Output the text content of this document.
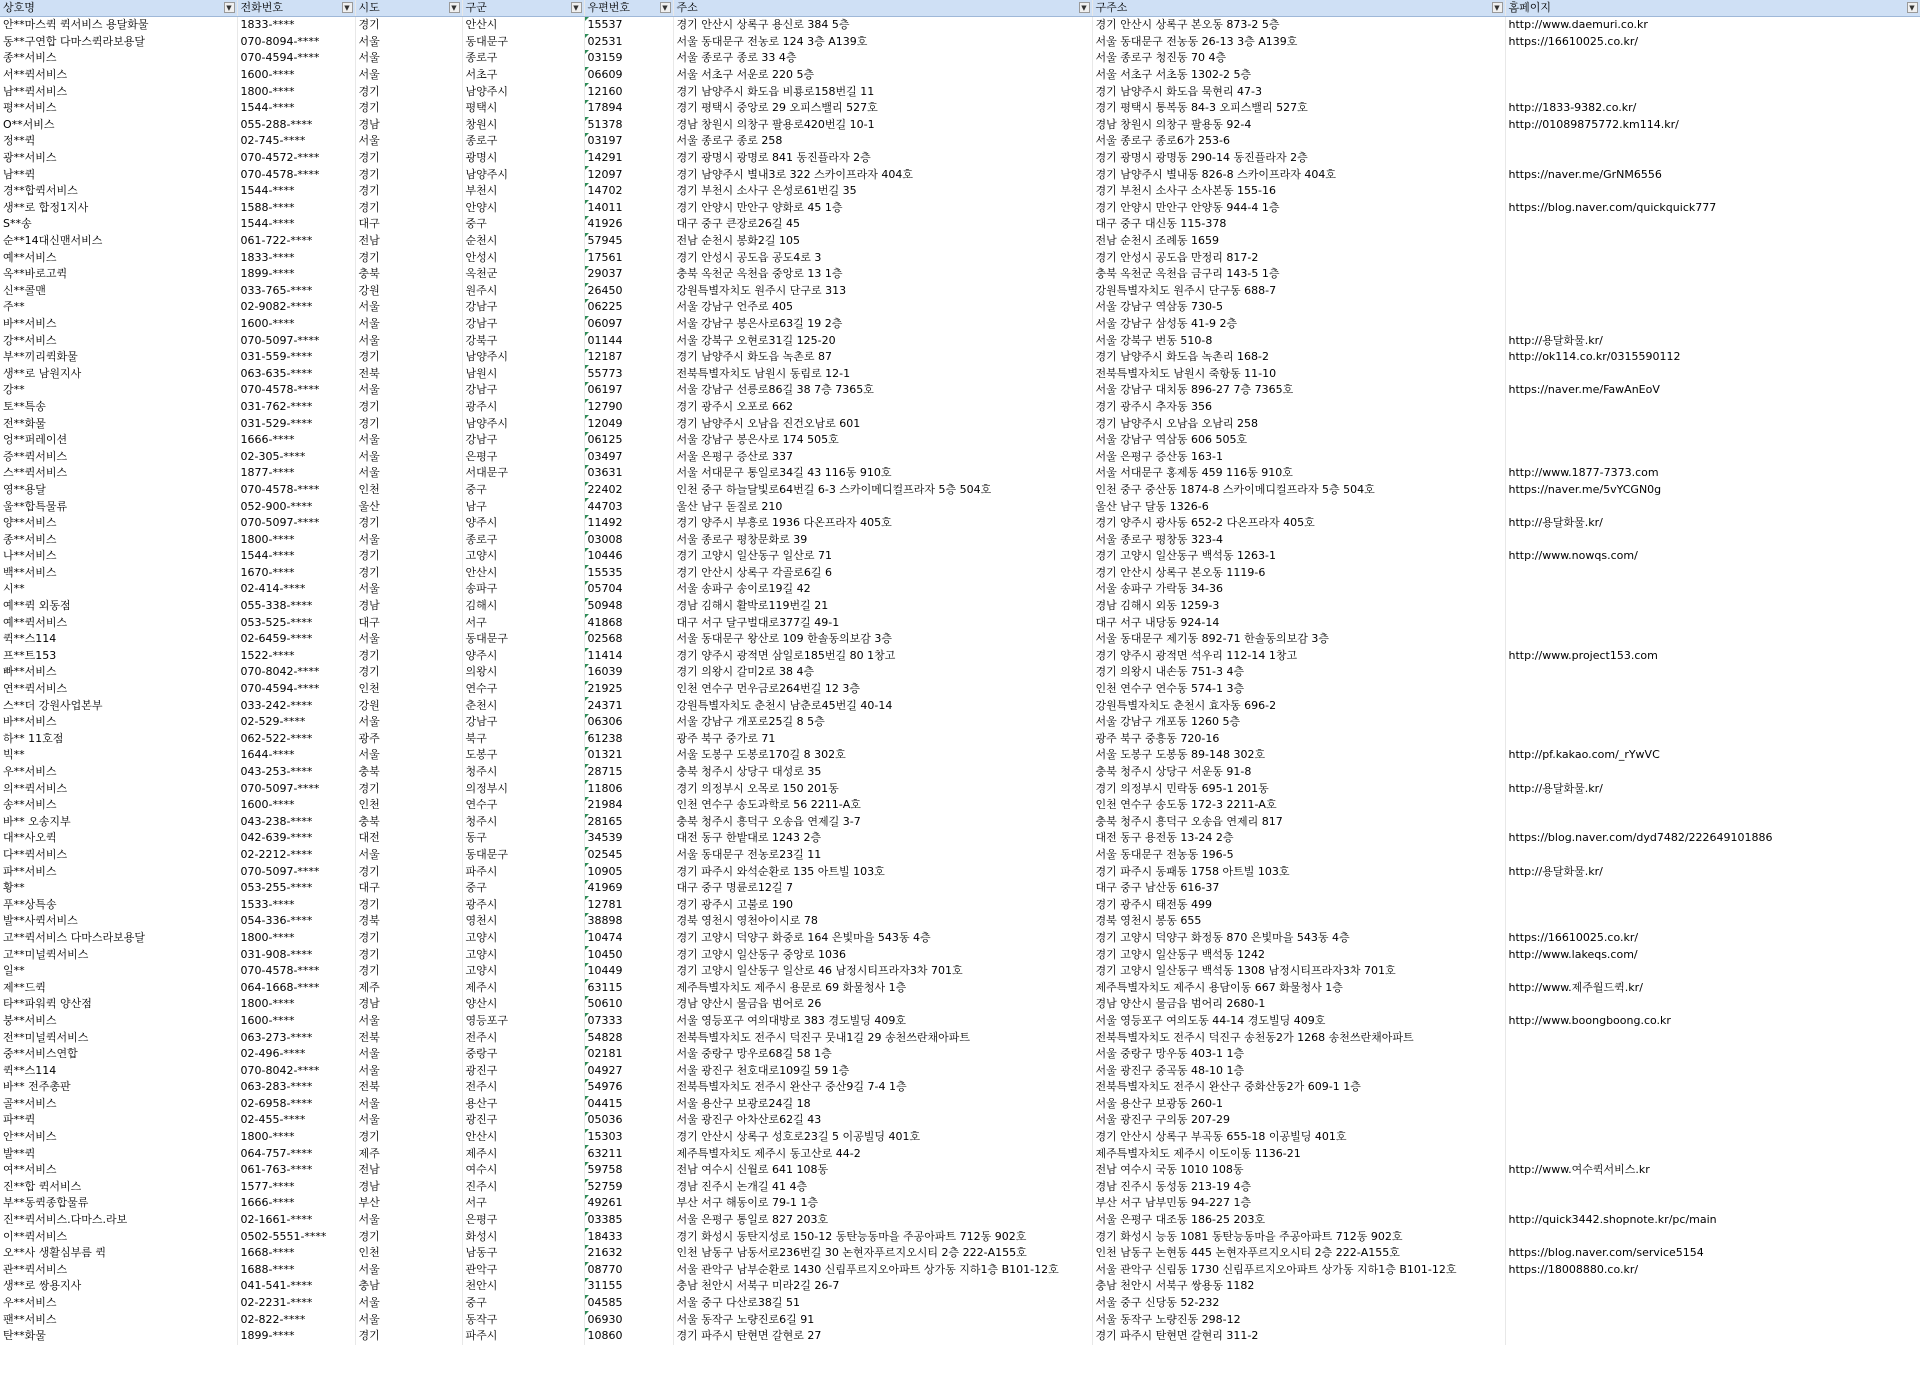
상호명 ▼	전화번호 ▼	시도 ▼	구군 ▼	우편번호 ▼	주소 ▼	구주소 ▼	홈페이지 ▼

안**마스퀵 퀵서비스 용달화물	1833-****	경기	안산시	15537	경기 안산시 상록구 용신로 384 5층	경기 안산시 상록구 본오동 873-2 5층	http://www.daemuri.co.kr
동**구연합 다마스퀵라보용달	070-8094-****	서울	동대문구	02531	서울 동대문구 전농로 124 3층 A139호	서울 동대문구 전농동 26-13 3층 A139호	https://16610025.co.kr/
종**서비스	070-4594-****	서울	종로구	03159	서울 종로구 종로 33 4층	서울 종로구 청진동 70 4층	
서**퀵서비스	1600-****	서울	서초구	06609	서울 서초구 서운로 220 5층	서울 서초구 서초동 1302-2 5층	
남**퀵서비스	1800-****	경기	남양주시	12160	경기 남양주시 화도읍 비룡로158번길 11	경기 남양주시 화도읍 묵현리 47-3	
평**서비스	1544-****	경기	평택시	17894	경기 평택시 중앙로 29 오피스밸리 527호	경기 평택시 통복동 84-3 오피스밸리 527호	http://1833-9382.co.kr/
O**서비스	055-288-****	경남	창원시	51378	경남 창원시 의창구 팔용로420번길 10-1	경남 창원시 의창구 팔용동 92-4	http://01089875772.km114.kr/
정**퀵	02-745-****	서울	종로구	03197	서울 종로구 종로 258	서울 종로구 종로6가 253-6	
광**서비스	070-4572-****	경기	광명시	14291	경기 광명시 광명로 841 동진플라자 2층	경기 광명시 광명동 290-14 동진플라자 2층	
남**퀵	070-4578-****	경기	남양주시	12097	경기 남양주시 별내3로 322 스카이프라자 404호	경기 남양주시 별내동 826-8 스카이프라자 404호	https://naver.me/GrNM6556
경**합퀵서비스	1544-****	경기	부천시	14702	경기 부천시 소사구 은성로61번길 35	경기 부천시 소사구 소사본동 155-16	
생**로 합정1지사	1588-****	경기	안양시	14011	경기 안양시 만안구 양화로 45 1층	경기 안양시 만안구 안양동 944-4 1층	https://blog.naver.com/quickquick777
S**송	1544-****	대구	중구	41926	대구 중구 큰장로26길 45	대구 중구 대신동 115-378	
순**14대신맨서비스	061-722-****	전남	순천시	57945	전남 순천시 봉화2길 105	전남 순천시 조례동 1659	
예**서비스	1833-****	경기	안성시	17561	경기 안성시 공도읍 공도4로 3	경기 안성시 공도읍 만정리 817-2	
옥**바로고퀵	1899-****	충북	옥천군	29037	충북 옥천군 옥천읍 중앙로 13 1층	충북 옥천군 옥천읍 금구리 143-5 1층	
신**콜맨	033-765-****	강원	원주시	26450	강원특별자치도 원주시 단구로 313	강원특별자치도 원주시 단구동 688-7	
주**	02-9082-****	서울	강남구	06225	서울 강남구 언주로 405	서울 강남구 역삼동 730-5	
바**서비스	1600-****	서울	강남구	06097	서울 강남구 봉은사로63길 19 2층	서울 강남구 삼성동 41-9 2층	
강**서비스	070-5097-****	서울	강북구	01144	서울 강북구 오현로31길 125-20	서울 강북구 번동 510-8	http://용달화물.kr/
부**끼리퀵화물	031-559-****	경기	남양주시	12187	경기 남양주시 화도읍 녹촌로 87	경기 남양주시 화도읍 녹촌리 168-2	http://ok114.co.kr/0315590112
생**로 남원지사	063-635-****	전북	남원시	55773	전북특별자치도 남원시 동림로 12-1	전북특별자치도 남원시 죽항동 11-10	
강**	070-4578-****	서울	강남구	06197	서울 강남구 선릉로86길 38 7층 7365호	서울 강남구 대치동 896-27 7층 7365호	https://naver.me/FawAnEoV
토**특송	031-762-****	경기	광주시	12790	경기 광주시 오포로 662	경기 광주시 추자동 356	
전**화물	031-529-****	경기	남양주시	12049	경기 남양주시 오남읍 진건오남로 601	경기 남양주시 오남읍 오남리 258	
엉**퍼레이션	1666-****	서울	강남구	06125	서울 강남구 봉은사로 174 505호	서울 강남구 역삼동 606 505호	
증**퀵서비스	02-305-****	서울	은평구	03497	서울 은평구 증산로 337	서울 은평구 증산동 163-1	
스**퀵서비스	1877-****	서울	서대문구	03631	서울 서대문구 통일로34길 43 116동 910호	서울 서대문구 홍제동 459 116동 910호	http://www.1877-7373.com
영**용달	070-4578-****	인천	중구	22402	인천 중구 하늘달빛로64번길 6-3 스카이메디컬프라자 5층 504호	인천 중구 중산동 1874-8 스카이메디컬프라자 5층 504호	https://naver.me/5vYCGN0g
울**합특물류	052-900-****	울산	남구	44703	울산 남구 돋질로 210	울산 남구 달동 1326-6	
양**서비스	070-5097-****	경기	양주시	11492	경기 양주시 부흥로 1936 다온프라자 405호	경기 양주시 광사동 652-2 다온프라자 405호	http://용달화물.kr/
종**서비스	1800-****	서울	종로구	03008	서울 종로구 평창문화로 39	서울 종로구 평창동 323-4	
나**서비스	1544-****	경기	고양시	10446	경기 고양시 일산동구 일산로 71	경기 고양시 일산동구 백석동 1263-1	http://www.nowqs.com/
백**서비스	1670-****	경기	안산시	15535	경기 안산시 상록구 각골로6길 6	경기 안산시 상록구 본오동 1119-6	
시**	02-414-****	서울	송파구	05704	서울 송파구 송이로19길 42	서울 송파구 가락동 34-36	
예**퀵 외동점	055-338-****	경남	김해시	50948	경남 김해시 활박로119번길 21	경남 김해시 외동 1259-3	
예**퀵서비스	053-525-****	대구	서구	41868	대구 서구 달구벌대로377길 49-1	대구 서구 내당동 924-14	
퀵**스114	02-6459-****	서울	동대문구	02568	서울 동대문구 왕산로 109 한솔동의보감 3층	서울 동대문구 제기동 892-71 한솔동의보감 3층	
프**트153	1522-****	경기	양주시	11414	경기 양주시 광적면 삼일로185번길 80 1창고	경기 양주시 광적면 석우리 112-14 1창고	http://www.project153.com
빠**서비스	070-8042-****	경기	의왕시	16039	경기 의왕시 갈미2로 38 4층	경기 의왕시 내손동 751-3 4층	
연**퀵서비스	070-4594-****	인천	연수구	21925	인천 연수구 먼우금로264번길 12 3층	인천 연수구 연수동 574-1 3층	
스**더 강원사업본부	033-242-****	강원	춘천시	24371	강원특별자치도 춘천시 남춘로45번길 40-14	강원특별자치도 춘천시 효자동 696-2	
바**서비스	02-529-****	서울	강남구	06306	서울 강남구 개포로25길 8 5층	서울 강남구 개포동 1260 5층	
하** 11호점	062-522-****	광주	북구	61238	광주 북구 중가로 71	광주 북구 중흥동 720-16	
빅**	1644-****	서울	도봉구	01321	서울 도봉구 도봉로170길 8 302호	서울 도봉구 도봉동 89-148 302호	http://pf.kakao.com/_rYwVC
우**서비스	043-253-****	충북	청주시	28715	충북 청주시 상당구 대성로 35	충북 청주시 상당구 서운동 91-8	
의**퀵서비스	070-5097-****	경기	의정부시	11806	경기 의정부시 오목로 150 201동	경기 의정부시 민락동 695-1 201동	http://용달화물.kr/
송**서비스	1600-****	인천	연수구	21984	인천 연수구 송도과학로 56 2211-A호	인천 연수구 송도동 172-3 2211-A호	
바** 오송지부	043-238-****	충북	청주시	28165	충북 청주시 흥덕구 오송읍 연제길 3-7	충북 청주시 흥덕구 오송읍 연제리 817	
대**사오퀵	042-639-****	대전	동구	34539	대전 동구 한밭대로 1243 2층	대전 동구 용전동 13-24 2층	https://blog.naver.com/dyd7482/222649101886
다**퀵서비스	02-2212-****	서울	동대문구	02545	서울 동대문구 전농로23길 11	서울 동대문구 전농동 196-5	
파**서비스	070-5097-****	경기	파주시	10905	경기 파주시 와석순환로 135 아트빌 103호	경기 파주시 동패동 1758 아트빌 103호	http://용달화물.kr/
황**	053-255-****	대구	중구	41969	대구 중구 명륜로12길 7	대구 중구 남산동 616-37	
푸**상특송	1533-****	경기	광주시	12781	경기 광주시 고불로 190	경기 광주시 태전동 499	
발**사퀵서비스	054-336-****	경북	영천시	38898	경북 영천시 영천아이시로 78	경북 영천시 봉동 655	
고**퀵서비스 다마스라보용달	1800-****	경기	고양시	10474	경기 고양시 덕양구 화중로 164 은빛마을 543동 4층	경기 고양시 덕양구 화정동 870 은빛마을 543동 4층	https://16610025.co.kr/
고**미널퀵서비스	031-908-****	경기	고양시	10450	경기 고양시 일산동구 중앙로 1036	경기 고양시 일산동구 백석동 1242	http://www.lakeqs.com/
일**	070-4578-****	경기	고양시	10449	경기 고양시 일산동구 일산로 46 남정시티프라자3차 701호	경기 고양시 일산동구 백석동 1308 남정시티프라자3차 701호	
제**드퀵	064-1668-****	제주	제주시	63115	제주특별자치도 제주시 용문로 69 화물청사 1층	제주특별자치도 제주시 용담이동 667 화물청사 1층	http://www.제주월드퀵.kr/
타**파워퀵 양산점	1800-****	경남	양산시	50610	경남 양산시 물금읍 범어로 26	경남 양산시 물금읍 범어리 2680-1	
붕**서비스	1600-****	서울	영등포구	07333	서울 영등포구 여의대방로 383 경도빌딩 409호	서울 영등포구 여의도동 44-14 경도빌딩 409호	http://www.boongboong.co.kr
전**미널퀵서비스	063-273-****	전북	전주시	54828	전북특별자치도 전주시 덕진구 뭇내1길 29 송천쓰란채아파트	전북특별자치도 전주시 덕진구 송천동2가 1268 송천쓰란채아파트	
중**서비스연합	02-496-****	서울	중랑구	02181	서울 중랑구 망우로68길 58 1층	서울 중랑구 망우동 403-1 1층	
퀵**스114	070-8042-****	서울	광진구	04927	서울 광진구 천호대로109길 59 1층	서울 광진구 중곡동 48-10 1층	
바** 전주총판	063-283-****	전북	전주시	54976	전북특별자치도 전주시 완산구 중산9길 7-4 1층	전북특별자치도 전주시 완산구 중화산동2가 609-1 1층	
골**서비스	02-6958-****	서울	용산구	04415	서울 용산구 보광로24길 18	서울 용산구 보광동 260-1	
파**퀵	02-455-****	서울	광진구	05036	서울 광진구 아차산로62길 43	서울 광진구 구의동 207-29	
안**서비스	1800-****	경기	안산시	15303	경기 안산시 상록구 성호로23길 5 이공빌딩 401호	경기 안산시 상록구 부곡동 655-18 이공빌딩 401호	
발**퀵	064-757-****	제주	제주시	63211	제주특별자치도 제주시 동고산로 44-2	제주특별자치도 제주시 이도이동 1136-21	
여**서비스	061-763-****	전남	여수시	59758	전남 여수시 신월로 641 108동	전남 여수시 국동 1010 108동	http://www.여수퀵서비스.kr
진**합 퀵서비스	1577-****	경남	진주시	52759	경남 진주시 논개길 41 4층	경남 진주시 동성동 213-19 4층	
부**동퀵종합물류	1666-****	부산	서구	49261	부산 서구 해동이로 79-1 1층	부산 서구 남부민동 94-227 1층	
진**퀵서비스.다마스.라보	02-1661-****	서울	은평구	03385	서울 은평구 통일로 827 203호	서울 은평구 대조동 186-25 203호	http://quick3442.shopnote.kr/pc/main
이**퀵서비스	0502-5551-****	경기	화성시	18433	경기 화성시 동탄지성로 150-12 동탄능동마을 주공아파트 712동 902호	경기 화성시 능동 1081 동탄능동마을 주공아파트 712동 902호	
오**사 생활심부름 퀵	1668-****	인천	남동구	21632	인천 남동구 남동서로236번길 30 논현자푸르지오시티 2층 222-A155호	인천 남동구 논현동 445 논현자푸르지오시티 2층 222-A155호	https://blog.naver.com/service5154
관**퀵서비스	1688-****	서울	관악구	08770	서울 관악구 남부순환로 1430 신림푸르지오아파트 상가동 지하1층 B101-12호	서울 관악구 신림동 1730 신림푸르지오아파트 상가동 지하1층 B101-12호	https://18008880.co.kr/
생**로 쌍용지사	041-541-****	충남	천안시	31155	충남 천안시 서북구 미라2길 26-7	충남 천안시 서북구 쌍용동 1182	
우**서비스	02-2231-****	서울	중구	04585	서울 중구 다산로38길 51	서울 중구 신당동 52-232	
팬**서비스	02-822-****	서울	동작구	06930	서울 동작구 노량진로6길 91	서울 동작구 노량진동 298-12	
탄**화물	1899-****	경기	파주시	10860	경기 파주시 탄현면 갈현로 27	경기 파주시 탄현면 갈현리 311-2	
